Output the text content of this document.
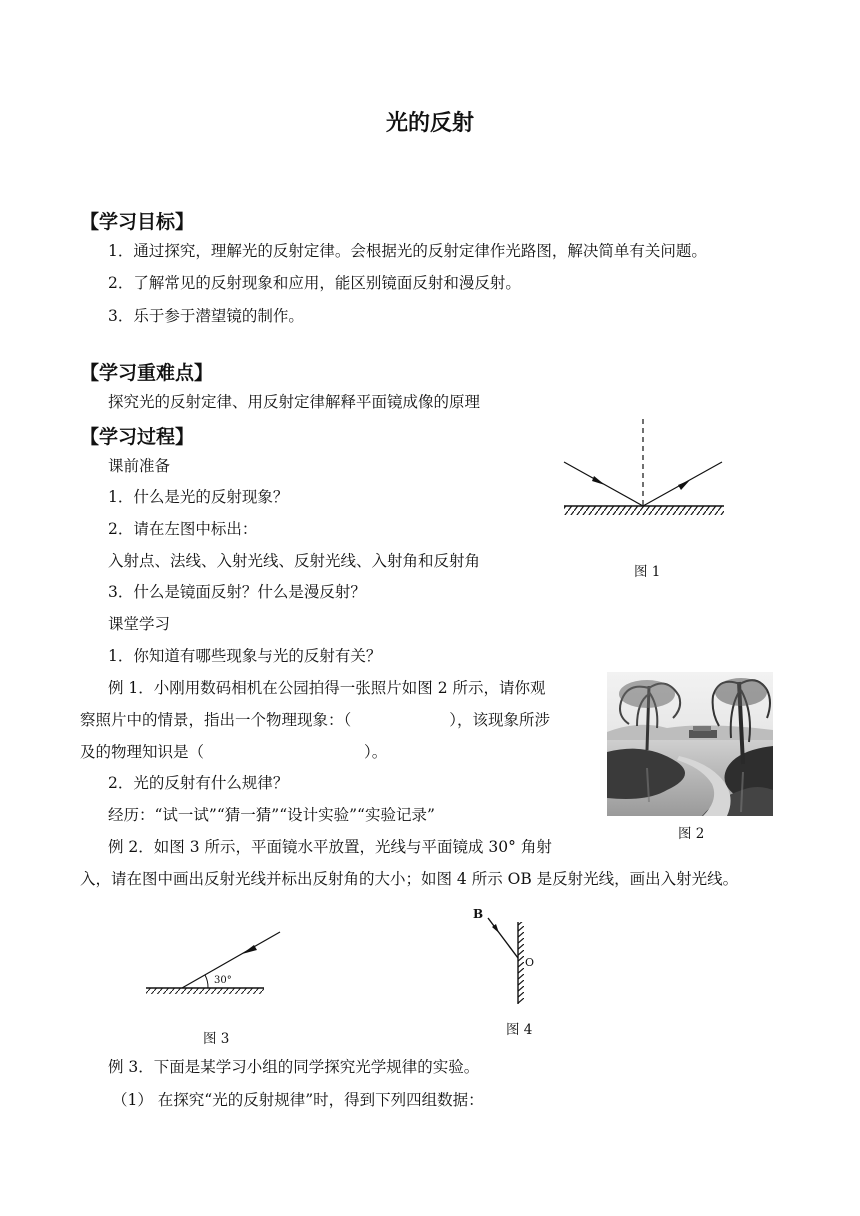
光的反射
【学习目标】
1．通过探究，理解光的反射定律。会根据光的反射定律作光路图，解决简单有关问题。
2．了解常见的反射现象和应用，能区别镜面反射和漫反射。
3．乐于参于潜望镜的制作。
【学习重难点】
探究光的反射定律、用反射定律解释平面镜成像的原理
【学习过程】
课前准备
1．什么是光的反射现象？
2．请在左图中标出：
入射点、法线、入射光线、反射光线、入射角和反射角
3．什么是镜面反射？什么是漫反射？
课堂学习
1．你知道有哪些现象与光的反射有关？
例 1．小刚用数码相机在公园拍得一张照片如图 2 所示，请你观
察照片中的情景，指出一个物理现象：（	），该现象所涉
及的物理知识是（	）。
2．光的反射有什么规律？
经历：“试一试”“猜一猜”“设计实验”“实验记录”
例 2．如图 3 所示，平面镜水平放置，光线与平面镜成 30° 角射
入，请在图中画出反射光线并标出反射角的大小；如图 4 所示 OB 是反射光线，画出入射光线。
例 3．下面是某学习小组的同学探究光学规律的实验。
（1） 在探究“光的反射规律”时，得到下列四组数据：
图 1
图 2
30°
图 3
B
O
图 4
